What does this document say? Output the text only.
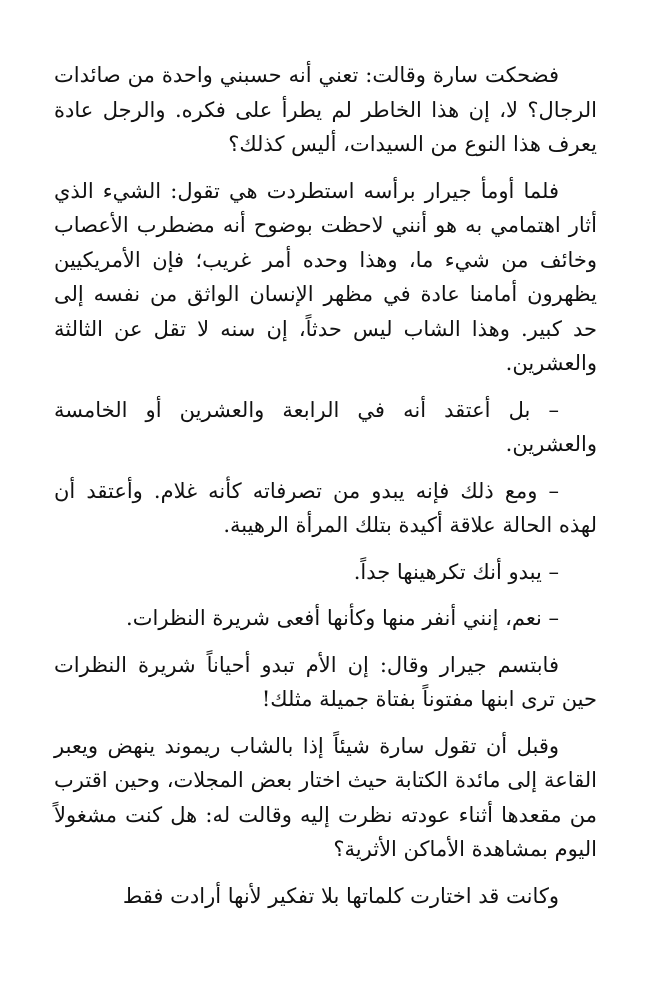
فضحكت سارة وقالت: تعني أنه حسبني واحدة من صائدات الرجال؟ لا، إن هذا الخاطر لم يطرأ على فكره. والرجل عادة يعرف هذا النوع من السيدات، أليس كذلك؟

فلما أومأ جيرار برأسه استطردت هي تقول: الشيء الذي أثار اهتمامي به هو أنني لاحظت بوضوح أنه مضطرب الأعصاب وخائف من شيء ما، وهذا وحده أمر غريب؛ فإن الأمريكيين يظهرون أمامنا عادة في مظهر الإنسان الواثق من نفسه إلى حد كبير. وهذا الشاب ليس حدثاً، إن سنه لا تقل عن الثالثة والعشرين.

– بل أعتقد أنه في الرابعة والعشرين أو الخامسة والعشرين.

– ومع ذلك فإنه يبدو من تصرفاته كأنه غلام. وأعتقد أن لهذه الحالة علاقة أكيدة بتلك المرأة الرهيبة.

– يبدو أنك تكرهينها جداً.

– نعم، إنني أنفر منها وكأنها أفعى شريرة النظرات.

فابتسم جيرار وقال: إن الأم تبدو أحياناً شريرة النظرات حين ترى ابنها مفتوناً بفتاة جميلة مثلك!

وقبل أن تقول سارة شيئاً إذا بالشاب ريموند ينهض ويعبر القاعة إلى مائدة الكتابة حيث اختار بعض المجلات، وحين اقترب من مقعدها أثناء عودته نظرت إليه وقالت له: هل كنت مشغولاً اليوم بمشاهدة الأماكن الأثرية؟

وكانت قد اختارت كلماتها بلا تفكير لأنها أرادت فقط
